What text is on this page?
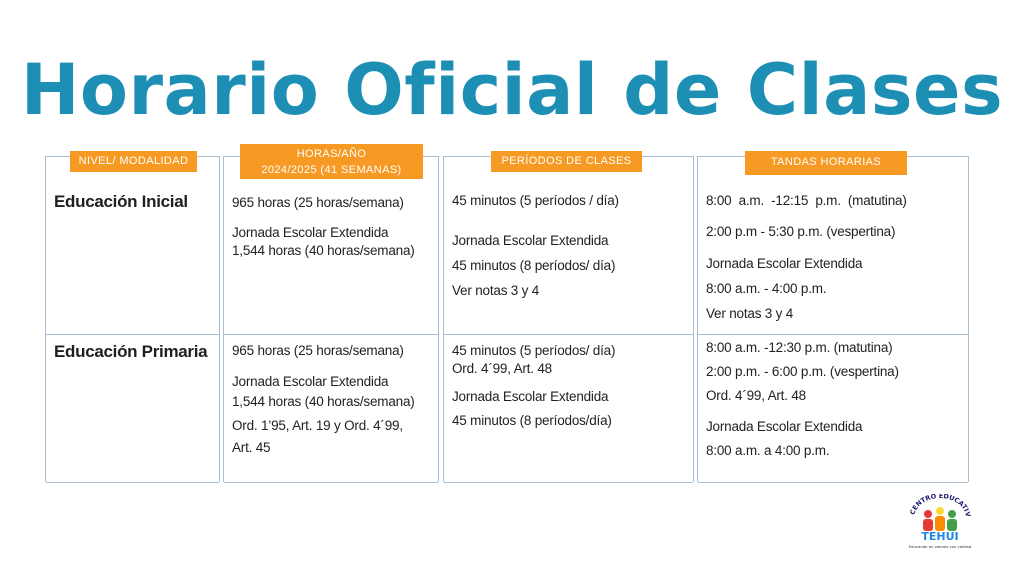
Horario Oficial de Clases
Educación Inicial
Educación Primaria
NIVEL/ MODALIDAD

965 horas (25 horas/semana)

Jornada Escolar Extendida

1,544 horas (40 horas/semana)

965 horas (25 horas/semana)

Jornada Escolar Extendida

1,544 horas (40 horas/semana)

Ord. 1’95, Art. 19 y Ord. 4´99,

Art. 45

HORAS/AÑO
2024/2025 (41 SEMANAS)

45 minutos (5 períodos / día)

Jornada Escolar Extendida

45 minutos (8 períodos/ día)

Ver notas 3 y 4

45 minutos (5 períodos/ día)

Ord. 4´99, Art. 48

Jornada Escolar Extendida

45 minutos (8 períodos/día)

PERÍODOS DE CLASES

8:00  a.m.  -12:15  p.m.  (matutina)

2:00 p.m - 5:30 p.m. (vespertina)

Jornada Escolar Extendida

8:00 a.m. - 4:00 p.m.

Ver notas 3 y 4

8:00 a.m. -12:30 p.m. (matutina)

2:00 p.m. - 6:00 p.m. (vespertina)

Ord. 4´99, Art. 48

Jornada Escolar Extendida

8:00 a.m. a 4:00 p.m.

TANDAS HORARIAS
CENTRO EDUCATIV
TEHUI
Educando en valores con calidad
